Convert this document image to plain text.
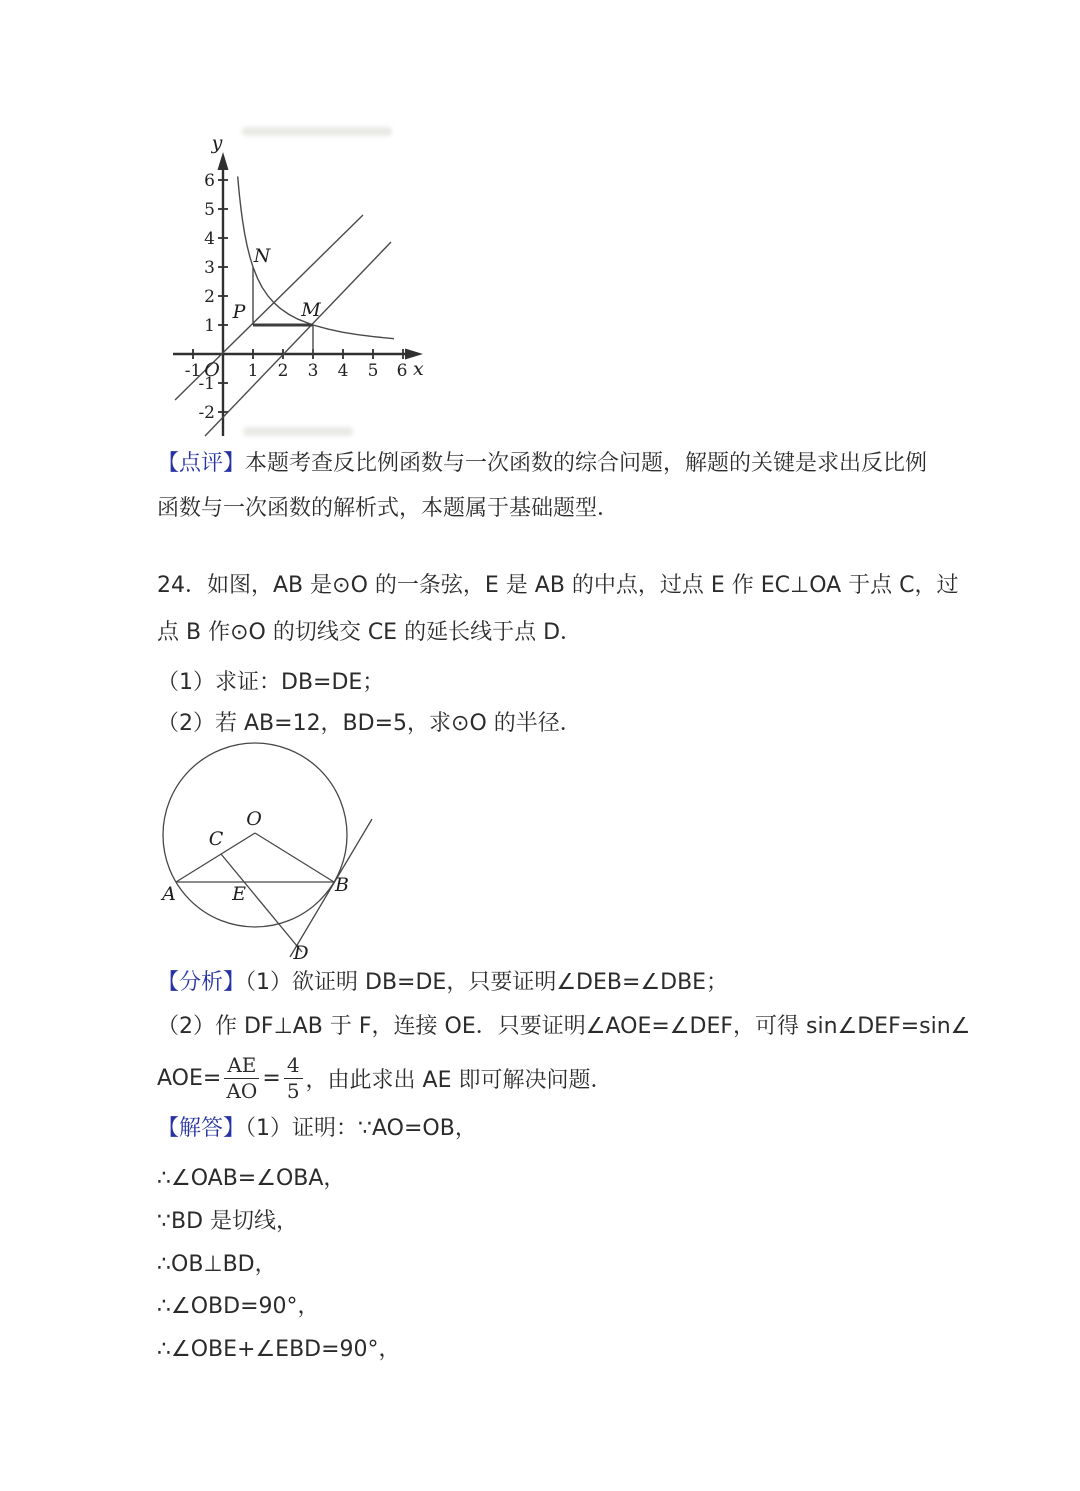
y
x
O
6
5
4
3
2
1
-1
-2
-1	1 2 3 4 5 6
N
P	M

【点评】本题考查反比例函数与一次函数的综合问题，解题的关键是求出反比例
函数与一次函数的解析式，本题属于基础题型．

24．如图，AB 是⊙O 的一条弦，E 是 AB 的中点，过点 E 作 EC⊥OA 于点 C，过
点 B 作⊙O 的切线交 CE 的延长线于点 D．

（1）求证：DB=DE；

（2）若 AB=12，BD=5，求⊙O 的半径．

O
C
A	E	B
D

【分析】（1）欲证明 DB=DE，只要证明∠DEB=∠DBE；

（2）作 DF⊥AB 于 F，连接 OE．只要证明∠AOE=∠DEF，可得 sin∠DEF=sin∠

$AOE= \frac{AE}{AO} = \frac{4}{5}$ ，由此求出 AE 即可解决问题．

【解答】（1）证明：∵AO=OB，

∴∠OAB=∠OBA，
∵BD 是切线，
∴OB⊥BD，
∴∠OBD=90°，
∴∠OBE+∠EBD=90°，
